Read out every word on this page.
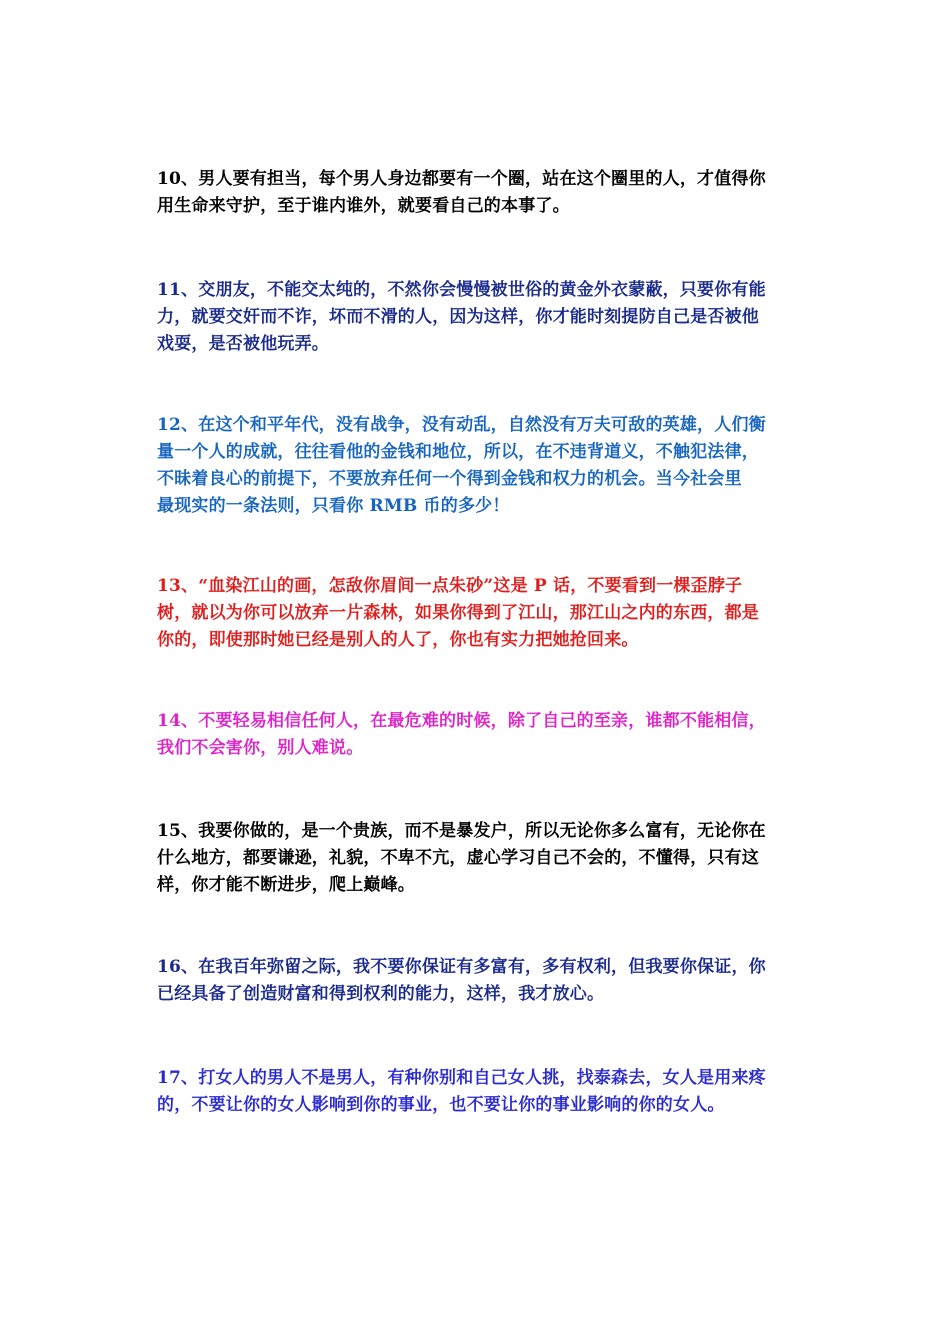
10、男人要有担当，每个男人身边都要有一个圈，站在这个圈里的人，才值得你
用生命来守护，至于谁内谁外，就要看自己的本事了。

11、交朋友，不能交太纯的，不然你会慢慢被世俗的黄金外衣蒙蔽，只要你有能
力，就要交奸而不诈，坏而不滑的人，因为这样，你才能时刻提防自己是否被他
戏耍，是否被他玩弄。

12、在这个和平年代，没有战争，没有动乱，自然没有万夫可敌的英雄，人们衡
量一个人的成就，往往看他的金钱和地位，所以，在不违背道义，不触犯法律，
不昧着良心的前提下，不要放弃任何一个得到金钱和权力的机会。当今社会里
最现实的一条法则，只看你 RMB 币的多少！

13、“血染江山的画，怎敌你眉间一点朱砂”这是 P 话，不要看到一棵歪脖子
树，就以为你可以放弃一片森林，如果你得到了江山，那江山之内的东西，都是
你的，即使那时她已经是别人的人了，你也有实力把她抢回来。

14、不要轻易相信任何人，在最危难的时候，除了自己的至亲，谁都不能相信，
我们不会害你，别人难说。

15、我要你做的，是一个贵族，而不是暴发户，所以无论你多么富有，无论你在
什么地方，都要谦逊，礼貌，不卑不亢，虚心学习自己不会的，不懂得，只有这
样，你才能不断进步，爬上巅峰。

16、在我百年弥留之际，我不要你保证有多富有，多有权利，但我要你保证，你
已经具备了创造财富和得到权利的能力，这样，我才放心。

17、打女人的男人不是男人，有种你别和自己女人挑，找泰森去，女人是用来疼
的，不要让你的女人影响到你的事业，也不要让你的事业影响的你的女人。
